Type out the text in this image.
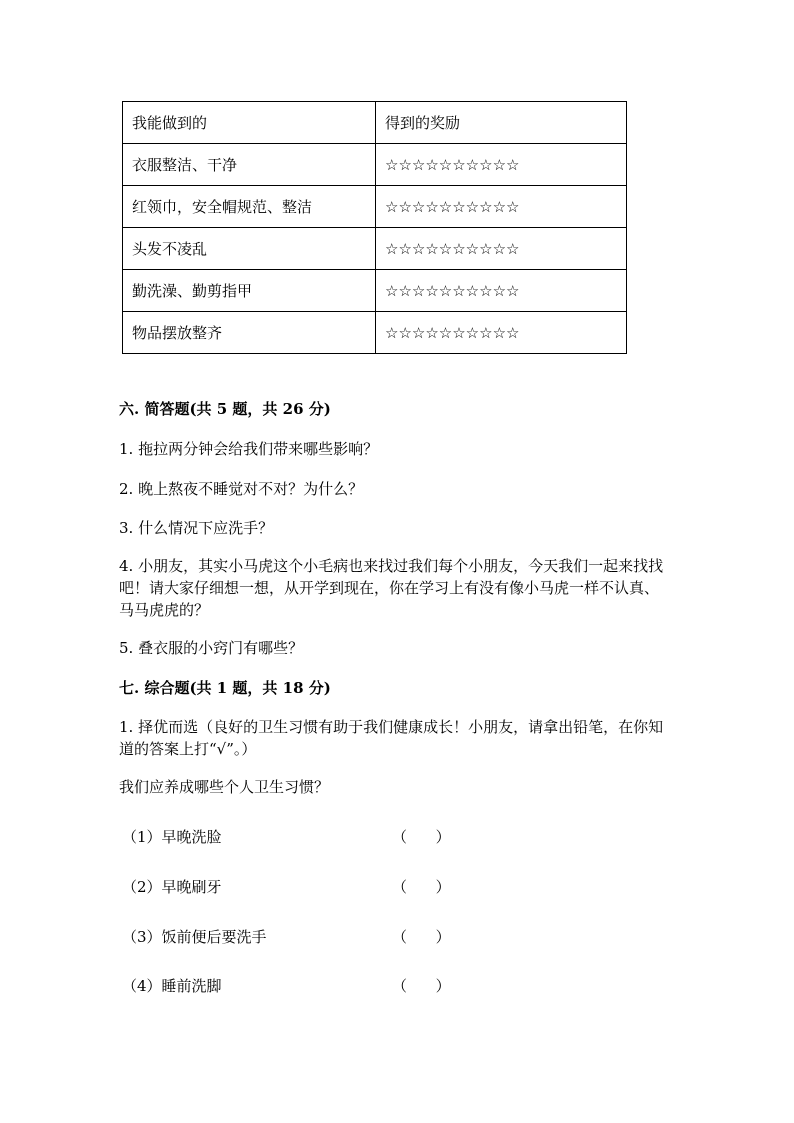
我能做到的	得到的奖励
衣服整洁、干净	☆☆☆☆☆☆☆☆☆☆
红领巾，安全帽规范、整洁	☆☆☆☆☆☆☆☆☆☆
头发不凌乱	☆☆☆☆☆☆☆☆☆☆
勤洗澡、勤剪指甲	☆☆☆☆☆☆☆☆☆☆
物品摆放整齐	☆☆☆☆☆☆☆☆☆☆
六. 简答题(共 5 题，共 26 分)
1. 拖拉两分钟会给我们带来哪些影响？
2. 晚上熬夜不睡觉对不对？为什么？
3. 什么情况下应洗手？
4. 小朋友，其实小马虎这个小毛病也来找过我们每个小朋友，今天我们一起来找找吧！请大家仔细想一想，从开学到现在，你在学习上有没有像小马虎一样不认真、马马虎虎的？
5. 叠衣服的小窍门有哪些？
七. 综合题(共 1 题，共 18 分)
1. 择优而选（良好的卫生习惯有助于我们健康成长！小朋友，请拿出铅笔，在你知道的答案上打“√”。）
我们应养成哪些个人卫生习惯？
（1）早晚洗脸	（      ）
（2）早晚刷牙	（      ）
（3）饭前便后要洗手	（      ）
（4）睡前洗脚	（      ）
